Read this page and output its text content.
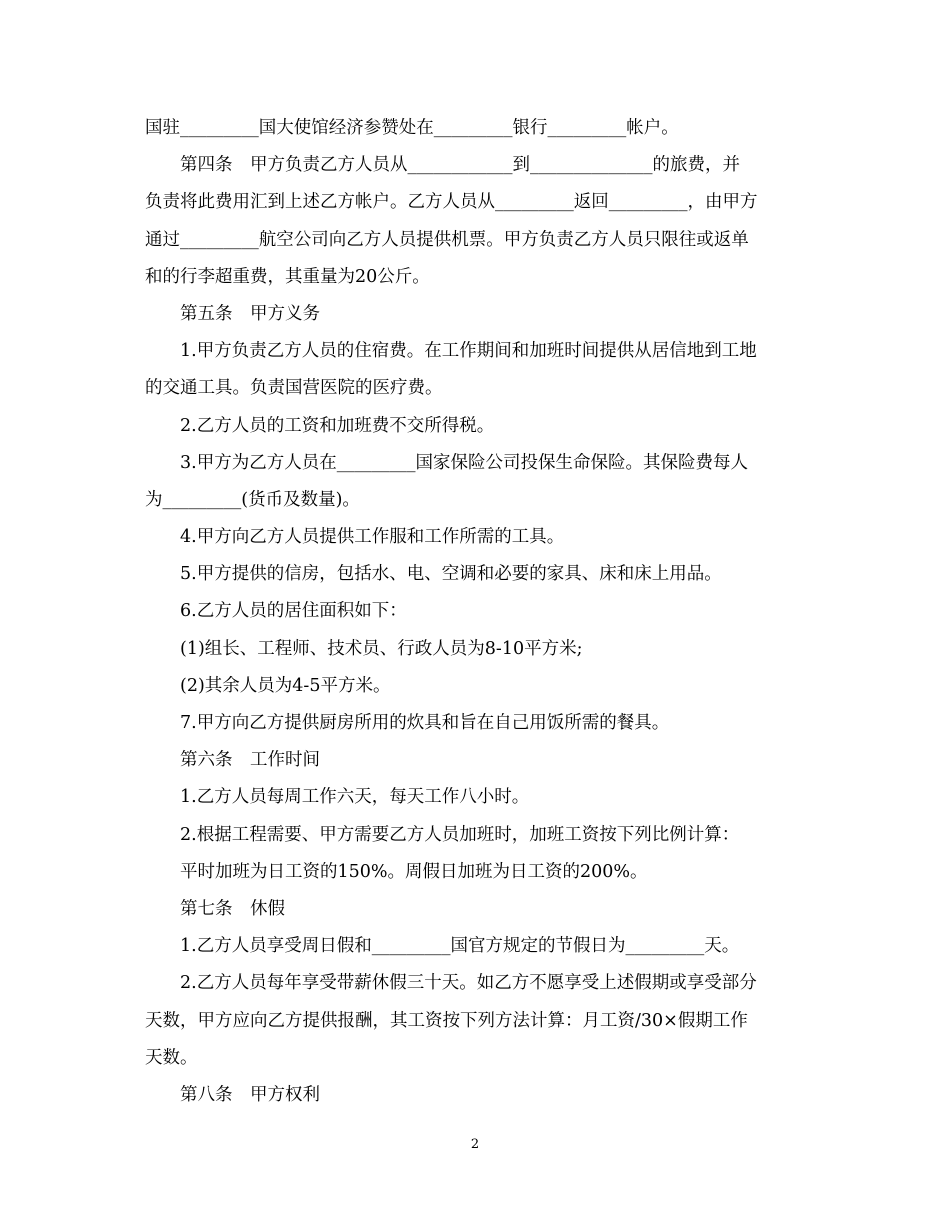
国驻_________国大使馆经济参赞处在_________银行_________帐户。
第四条　甲方负责乙方人员从____________到______________的旅费，并
负责将此费用汇到上述乙方帐户。乙方人员从_________返回_________，由甲方
通过_________航空公司向乙方人员提供机票。甲方负责乙方人员只限往或返单
和的行李超重费，其重量为20公斤。
第五条　甲方义务
1.甲方负责乙方人员的住宿费。在工作期间和加班时间提供从居信地到工地
的交通工具。负责国营医院的医疗费。
2.乙方人员的工资和加班费不交所得税。
3.甲方为乙方人员在_________国家保险公司投保生命保险。其保险费每人
为_________(货币及数量)。
4.甲方向乙方人员提供工作服和工作所需的工具。
5.甲方提供的信房，包括水、电、空调和必要的家具、床和床上用品。
6.乙方人员的居住面积如下：
(1)组长、工程师、技术员、行政人员为8-10平方米;
(2)其余人员为4-5平方米。
7.甲方向乙方提供厨房所用的炊具和旨在自己用饭所需的餐具。
第六条　工作时间
1.乙方人员每周工作六天，每天工作八小时。
2.根据工程需要、甲方需要乙方人员加班时，加班工资按下列比例计算：
平时加班为日工资的150%。周假日加班为日工资的200%。
第七条　休假
1.乙方人员享受周日假和_________国官方规定的节假日为_________天。
2.乙方人员每年享受带薪休假三十天。如乙方不愿享受上述假期或享受部分
天数，甲方应向乙方提供报酬，其工资按下列方法计算：月工资/30×假期工作
天数。
第八条　甲方权利
2
